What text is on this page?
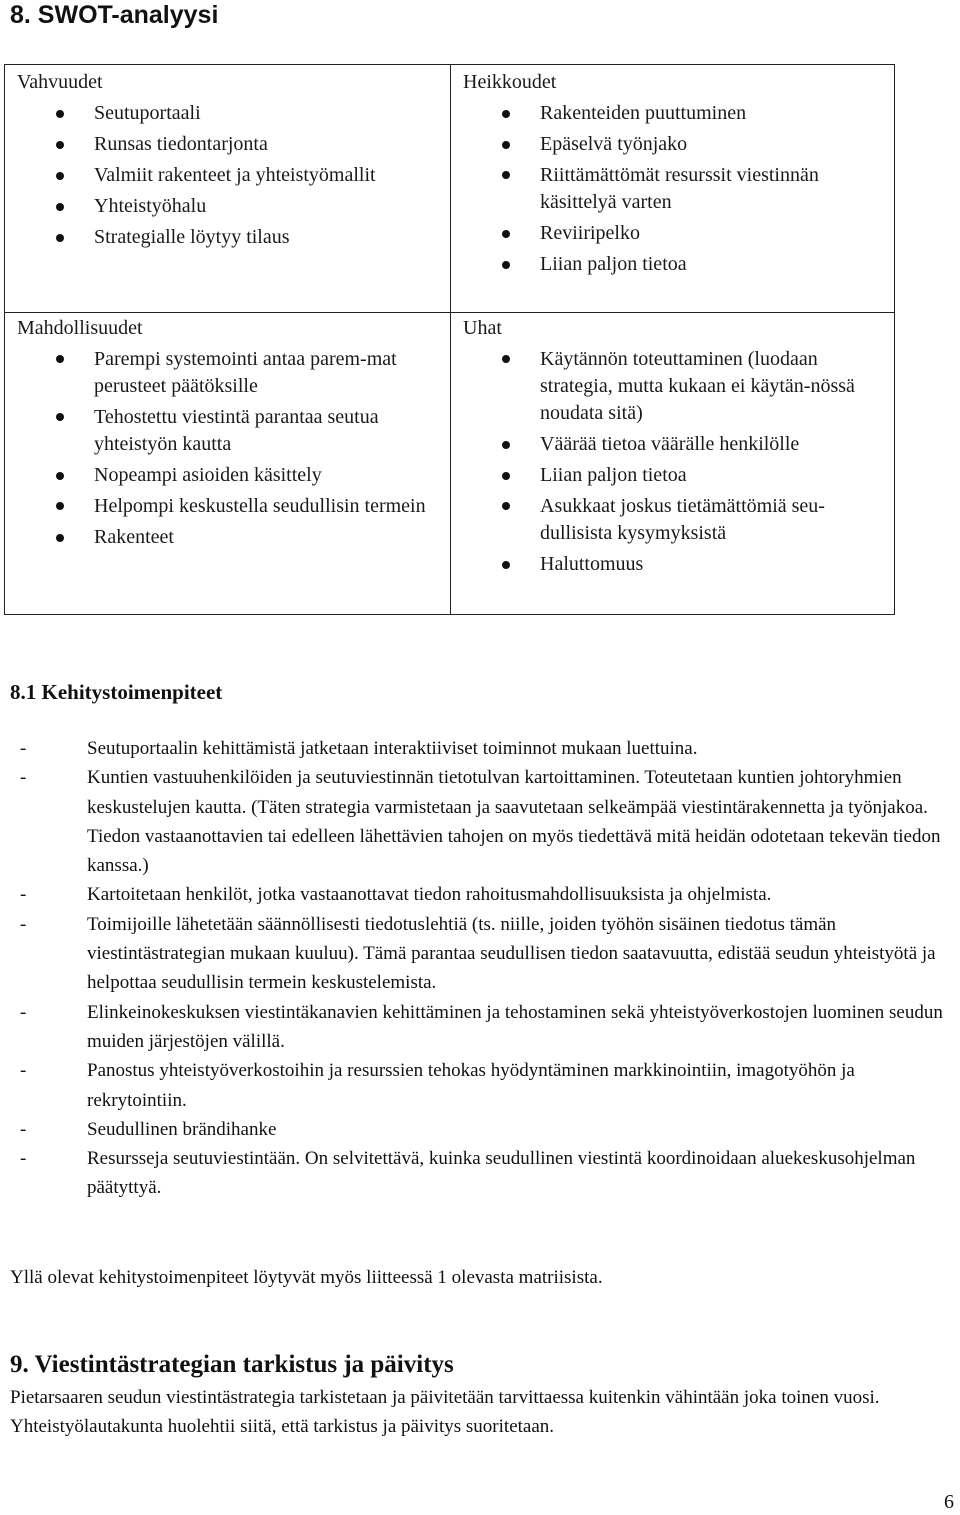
8. SWOT-analyysi
Vahvuudet
Seutuportaali
Runsas tiedontarjonta
Valmiit rakenteet ja yhteistyömallit
Yhteistyöhalu
Strategialle löytyy tilaus
Heikkoudet
Rakenteiden puuttuminen
Epäselvä työnjako
Riittämättömät resurssit viestinnän käsittelyä varten
Reviiripelko
Liian paljon tietoa
Mahdollisuudet
Parempi systemointi antaa parem-mat perusteet päätöksille
Tehostettu viestintä parantaa seutua yhteistyön kautta
Nopeampi asioiden käsittely
Helpompi keskustella seudullisin termein
Rakenteet
Uhat
Käytännön toteuttaminen (luodaan strategia, mutta kukaan ei käytän-nössä noudata sitä)
Väärää tietoa väärälle henkilölle
Liian paljon tietoa
Asukkaat joskus tietämättömiä seu-dullisista kysymyksistä
Haluttomuus
8.1 Kehitystoimenpiteet
-	Seutuportaalin kehittämistä jatketaan interaktiiviset toiminnot mukaan luettuina.
-	Kuntien vastuuhenkilöiden ja seutuviestinnän tietotulvan kartoittaminen. Toteutetaan kuntien johtoryhmien keskustelujen kautta. (Täten strategia varmistetaan ja saavutetaan selkeämpää viestintärakennetta ja työnjakoa. Tiedon vastaanottavien tai edelleen lähettävien tahojen on myös tiedettävä mitä heidän odotetaan tekevän tiedon kanssa.)
-	Kartoitetaan henkilöt, jotka vastaanottavat tiedon rahoitusmahdollisuuksista ja ohjelmista.
-	Toimijoille lähetetään säännöllisesti tiedotuslehtiä (ts. niille, joiden työhön sisäinen tiedotus tämän viestintästrategian mukaan kuuluu). Tämä parantaa seudullisen tiedon saatavuutta, edistää seudun yhteistyötä ja helpottaa seudullisin termein keskustelemista.
-	Elinkeinokeskuksen viestintäkanavien kehittäminen ja tehostaminen sekä yhteistyöverkostojen luominen seudun muiden järjestöjen välillä.
-	Panostus yhteistyöverkostoihin ja resurssien tehokas hyödyntäminen markkinointiin, imagotyöhön ja rekrytointiin.
-	Seudullinen brändihanke
-	Resursseja seutuviestintään. On selvitettävä, kuinka seudullinen viestintä koordinoidaan aluekeskusohjelman päätyttyä.
Yllä olevat kehitystoimenpiteet löytyvät myös liitteessä 1 olevasta matriisista.
9. Viestintästrategian tarkistus ja päivitys
Pietarsaaren seudun viestintästrategia tarkistetaan ja päivitetään tarvittaessa kuitenkin vähintään joka toinen vuosi. Yhteistyölautakunta huolehtii siitä, että tarkistus ja päivitys suoritetaan.
6
